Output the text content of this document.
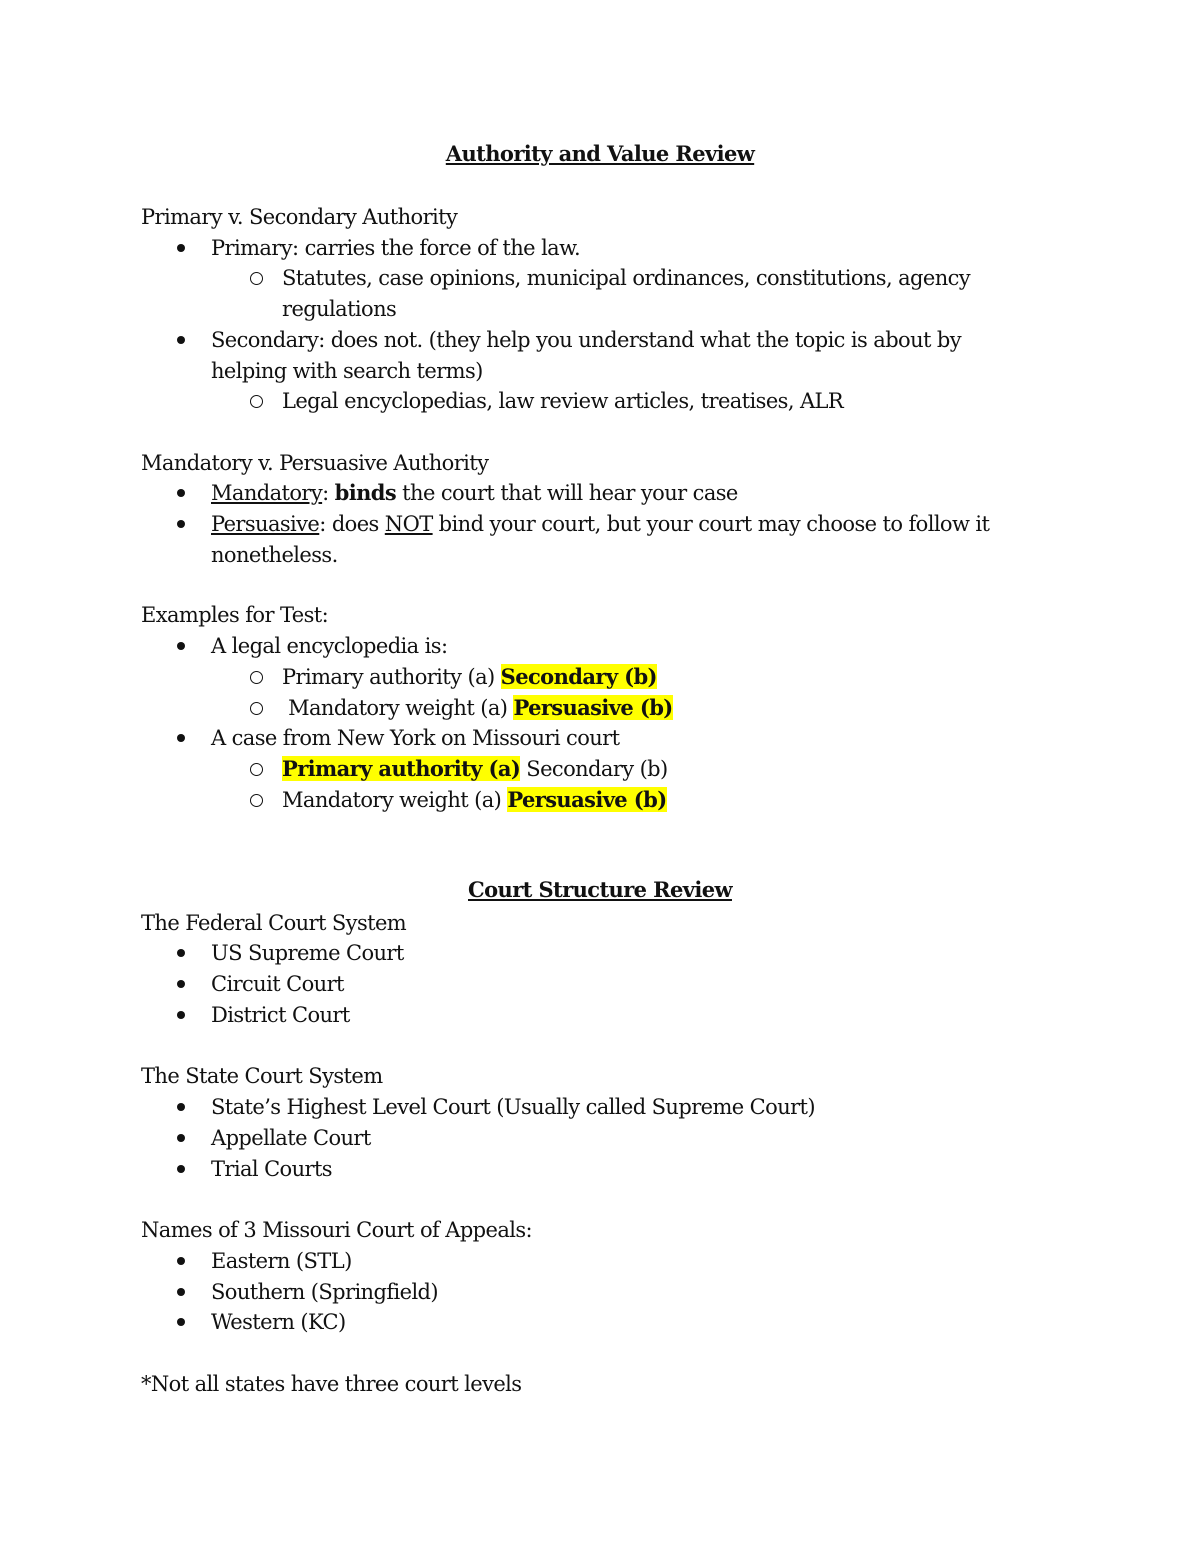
Authority and Value Review
Primary v. Secondary Authority
Primary: carries the force of the law.
Statutes, case opinions, municipal ordinances, constitutions, agency
regulations
Secondary: does not. (they help you understand what the topic is about by
helping with search terms)
Legal encyclopedias, law review articles, treatises, ALR
Mandatory v. Persuasive Authority
Mandatory: binds the court that will hear your case
Persuasive: does NOT bind your court, but your court may choose to follow it
nonetheless.
Examples for Test:
A legal encyclopedia is:
Primary authority (a) Secondary (b)
Mandatory weight (a) Persuasive (b)
A case from New York on Missouri court
Primary authority (a) Secondary (b)
Mandatory weight (a) Persuasive (b)
Court Structure Review
The Federal Court System
US Supreme Court
Circuit Court
District Court
The State Court System
State’s Highest Level Court (Usually called Supreme Court)
Appellate Court
Trial Courts
Names of 3 Missouri Court of Appeals:
Eastern (STL)
Southern (Springfield)
Western (KC)
*Not all states have three court levels
